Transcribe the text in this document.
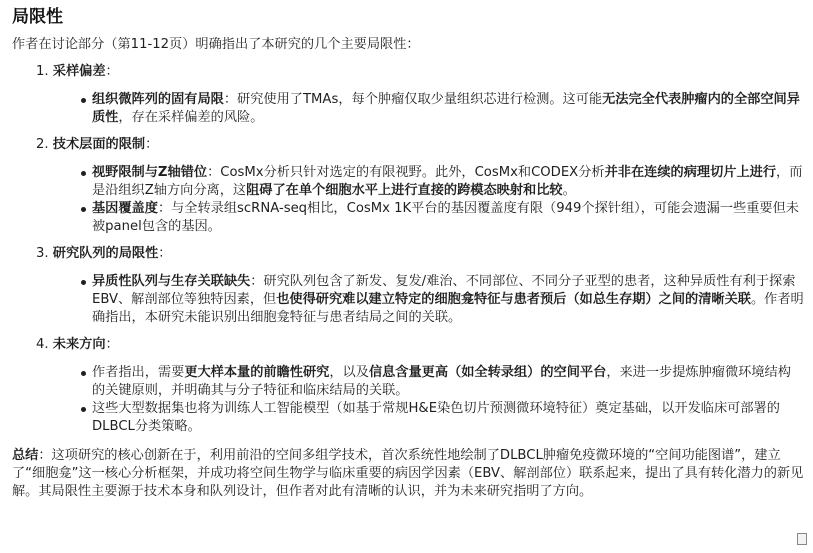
局限性
作者在讨论部分（第11-12页）明确指出了本研究的几个主要局限性：
1. 采样偏差：
组织微阵列的固有局限：研究使用了TMAs，每个肿瘤仅取少量组织芯进行检测。这可能无法完全代表肿瘤内的全部空间异质性，存在采样偏差的风险。
2. 技术层面的限制：
视野限制与Z轴错位：CosMx分析只针对选定的有限视野。此外，CosMx和CODEX分析并非在连续的病理切片上进行，而是沿组织Z轴方向分离，这阻碍了在单个细胞水平上进行直接的跨模态映射和比较。
基因覆盖度：与全转录组scRNA-seq相比，CosMx 1K平台的基因覆盖度有限（949个探针组），可能会遗漏一些重要但未被panel包含的基因。
3. 研究队列的局限性：
异质性队列与生存关联缺失：研究队列包含了新发、复发/难治、不同部位、不同分子亚型的患者，这种异质性有利于探索EBV、解剖部位等独特因素，但也使得研究难以建立特定的细胞龛特征与患者预后（如总生存期）之间的清晰关联。作者明确指出，本研究未能识别出细胞龛特征与患者结局之间的关联。
4. 未来方向：
作者指出，需要更大样本量的前瞻性研究，以及信息含量更高（如全转录组）的空间平台，来进一步提炼肿瘤微环境结构的关键原则，并明确其与分子特征和临床结局的关联。
这些大型数据集也将为训练人工智能模型（如基于常规H&E染色切片预测微环境特征）奠定基础，以开发临床可部署的DLBCL分类策略。
总结：这项研究的核心创新在于，利用前沿的空间多组学技术，首次系统性地绘制了DLBCL肿瘤免疫微环境的“空间功能图谱”，建立了“细胞龛”这一核心分析框架，并成功将空间生物学与临床重要的病因学因素（EBV、解剖部位）联系起来，提出了具有转化潜力的新见解。其局限性主要源于技术本身和队列设计，但作者对此有清晰的认识，并为未来研究指明了方向。
